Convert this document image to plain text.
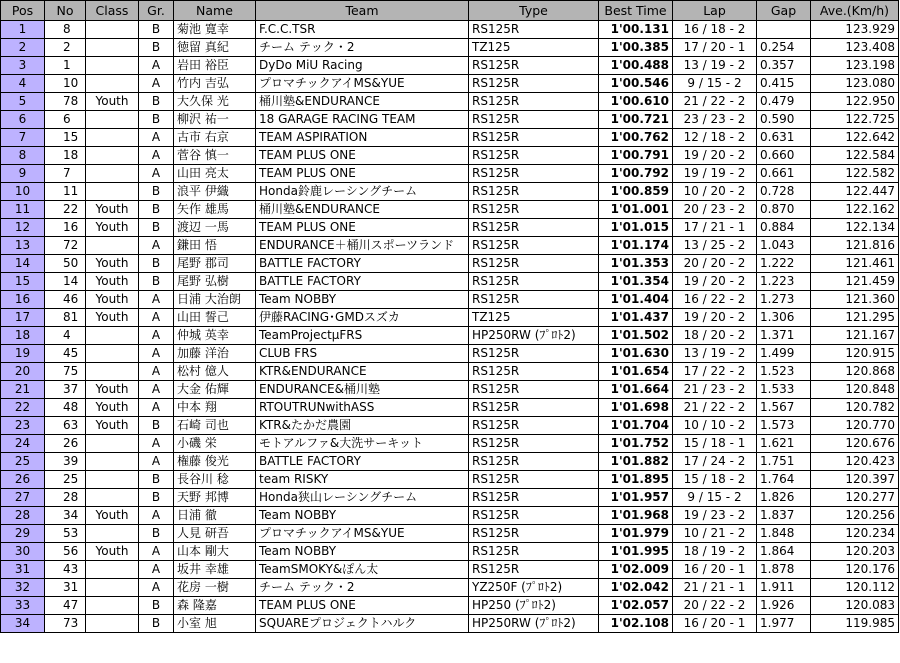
Pos	No	Class	Gr.	Name	Team	Type	Best Time	Lap	Gap	Ave.(Km/h)
1	8		B	菊池 寛幸	F.C.C.TSR	RS125R	1'00.131	16 / 18 - 2		123.929
2	2		B	徳留 真紀	チーム テック・2	TZ125	1'00.385	17 / 20 - 1	0.254	123.408
3	1		A	岩田 裕臣	DyDo MiU Racing	RS125R	1'00.488	13 / 19 - 2	0.357	123.198
4	10		A	竹内 吉弘	プロマチックアイMS&YUE	RS125R	1'00.546	9 / 15 - 2	0.415	123.080
5	78	Youth	B	大久保 光	桶川塾&ENDURANCE	RS125R	1'00.610	21 / 22 - 2	0.479	122.950
6	6		B	柳沢 祐一	18 GARAGE RACING TEAM	RS125R	1'00.721	23 / 23 - 2	0.590	122.725
7	15		A	古市 右京	TEAM ASPIRATION	RS125R	1'00.762	12 / 18 - 2	0.631	122.642
8	18		A	菅谷 慎一	TEAM PLUS ONE	RS125R	1'00.791	19 / 20 - 2	0.660	122.584
9	7		A	山田 亮太	TEAM PLUS ONE	RS125R	1'00.792	19 / 19 - 2	0.661	122.582
10	11		B	浪平 伊織	Honda鈴鹿レーシングチーム	RS125R	1'00.859	10 / 20 - 2	0.728	122.447
11	22	Youth	B	矢作 雄馬	桶川塾&ENDURANCE	RS125R	1'01.001	20 / 23 - 2	0.870	122.162
12	16	Youth	B	渡辺 一馬	TEAM PLUS ONE	RS125R	1'01.015	17 / 21 - 1	0.884	122.134
13	72		A	鎌田 悟	ENDURANCE＋桶川スポーツランド	RS125R	1'01.174	13 / 25 - 2	1.043	121.816
14	50	Youth	B	尾野 郡司	BATTLE FACTORY	RS125R	1'01.353	20 / 20 - 2	1.222	121.461
15	14	Youth	B	尾野 弘樹	BATTLE FACTORY	RS125R	1'01.354	19 / 20 - 2	1.223	121.459
16	46	Youth	A	日浦 大治朗	Team NOBBY	RS125R	1'01.404	16 / 22 - 2	1.273	121.360
17	81	Youth	A	山田 誓己	伊藤RACING･GMDスズカ	TZ125	1'01.437	19 / 20 - 2	1.306	121.295
18	4		A	仲城 英幸	TeamProjectμFRS	HP250RW (ﾌﾟﾛﾄ2)	1'01.502	18 / 20 - 2	1.371	121.167
19	45		A	加藤 洋治	CLUB FRS	RS125R	1'01.630	13 / 19 - 2	1.499	120.915
20	75		A	松村 億人	KTR&ENDURANCE	RS125R	1'01.654	17 / 22 - 2	1.523	120.868
21	37	Youth	A	大金 佑輝	ENDURANCE&桶川塾	RS125R	1'01.664	21 / 23 - 2	1.533	120.848
22	48	Youth	A	中本 翔	RTOUTRUNwithASS	RS125R	1'01.698	21 / 22 - 2	1.567	120.782
23	63	Youth	B	石崎 司也	KTR&たかだ農園	RS125R	1'01.704	10 / 10 - 2	1.573	120.770
24	26		A	小磯 栄	モトアルファ&大洗サーキット	RS125R	1'01.752	15 / 18 - 1	1.621	120.676
25	39		A	権藤 俊光	BATTLE FACTORY	RS125R	1'01.882	17 / 24 - 2	1.751	120.423
26	25		B	長谷川 稔	team RISKY	RS125R	1'01.895	15 / 18 - 2	1.764	120.397
27	28		B	天野 邦博	Honda狭山レーシングチーム	RS125R	1'01.957	9 / 15 - 2	1.826	120.277
28	34	Youth	A	日浦 徹	Team NOBBY	RS125R	1'01.968	19 / 23 - 2	1.837	120.256
29	53		B	人見 研吾	プロマチックアイMS&YUE	RS125R	1'01.979	10 / 21 - 2	1.848	120.234
30	56	Youth	A	山本 剛大	Team NOBBY	RS125R	1'01.995	18 / 19 - 2	1.864	120.203
31	43		A	坂井 幸雄	TeamSMOKY&ぽん太	RS125R	1'02.009	16 / 20 - 1	1.878	120.176
32	31		A	花房 一樹	チーム テック・2	YZ250F (ﾌﾟﾛﾄ2)	1'02.042	21 / 21 - 1	1.911	120.112
33	47		B	森 隆嘉	TEAM PLUS ONE	HP250 (ﾌﾟﾛﾄ2)	1'02.057	20 / 22 - 2	1.926	120.083
34	73		B	小室 旭	SQUAREプロジェクトハルク	HP250RW (ﾌﾟﾛﾄ2)	1'02.108	16 / 20 - 1	1.977	119.985
